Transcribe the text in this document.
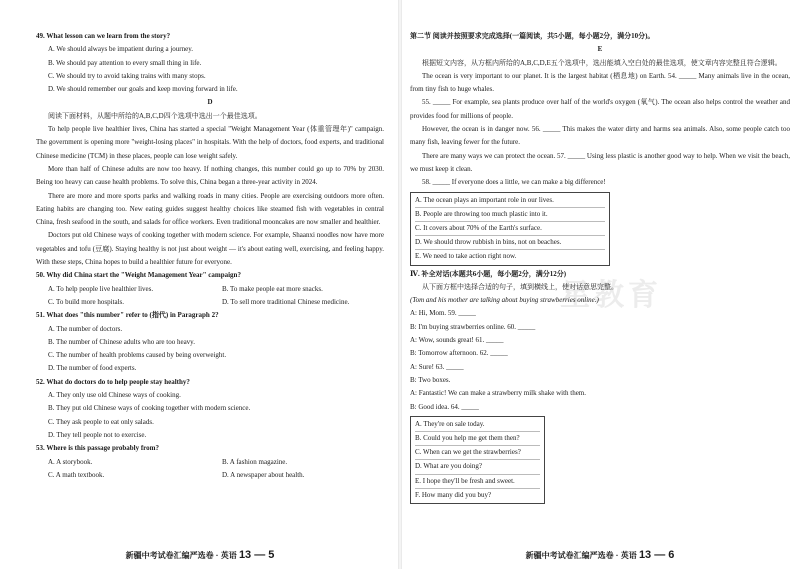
49. What lesson can we learn from the story?
A. We should always be impatient during a journey.
B. We should pay attention to every small thing in life.
C. We should try to avoid taking trains with many stops.
D. We should remember our goals and keep moving forward in life.
D
阅读下面材料，从题中所给的A,B,C,D四个选项中选出一个最佳选项。
To help people live healthier lives, China has started a special "Weight Management Year (体重管理年)" campaign. The government is opening more "weight-losing places" in hospitals. With the help of doctors, food experts, and traditional Chinese medicine (TCM) in these places, people can lose weight safely.
More than half of Chinese adults are now too heavy. If nothing changes, this number could go up to 70% by 2030. Being too heavy can cause health problems. To solve this, China began a three-year activity in 2024.
There are more and more sports parks and walking roads in many cities. People are exercising outdoors more often. Eating habits are changing too. New eating guides suggest healthy choices like steamed fish with vegetables in central China, fresh seafood in the south, and salads for office workers. Even traditional mooncakes are now smaller and healthier.
Doctors put old Chinese ways of cooking together with modern science. For example, Shaanxi noodles now have more vegetables and tofu (豆腐). Staying healthy is not just about weight — it's about eating well, exercising, and feeling happy. With these steps, China hopes to build a healthier future for everyone.
50. Why did China start the "Weight Management Year" campaign?
A. To help people live healthier lives.	B. To make people eat more snacks.
C. To build more hospitals.	D. To sell more traditional Chinese medicine.
51. What does "this number" refer to (指代) in Paragraph 2?
A. The number of doctors.
B. The number of Chinese adults who are too heavy.
C. The number of health problems caused by being overweight.
D. The number of food experts.
52. What do doctors do to help people stay healthy?
A. They only use old Chinese ways of cooking.
B. They put old Chinese ways of cooking together with modern science.
C. They ask people to eat only salads.
D. They tell people not to exercise.
53. Where is this passage probably from?
A. A storybook.	B. A fashion magazine.
C. A math textbook.	D. A newspaper about health.
新疆中考试卷汇编严选卷 · 英语 13 — 5
星教育
第二节 阅读并按照要求完成选择(一篇阅读，共5小题，每小题2分，满分10分)。
E
根据短文内容，从方框内所给的A,B,C,D,E五个选项中，选出能填入空白处的最佳选项，使文章内容完整且符合逻辑。
The ocean is very important to our planet. It is the largest habitat (栖息地) on Earth. 54. _____ Many animals live in the ocean, from tiny fish to huge whales.
55. _____ For example, sea plants produce over half of the world's oxygen (氧气). The ocean also helps control the weather and provides food for millions of people.
However, the ocean is in danger now. 56. _____ This makes the water dirty and harms sea animals. Also, some people catch too many fish, leaving fewer for the future.
There are many ways we can protect the ocean. 57. _____ Using less plastic is another good way to help. When we visit the beach, we must keep it clean.
58. _____ If everyone does a little, we can make a big difference!
A. The ocean plays an important role in our lives.
B. People are throwing too much plastic into it.
C. It covers about 70% of the Earth's surface.
D. We should throw rubbish in bins, not on beaches.
E. We need to take action right now.
Ⅳ. 补全对话(本题共6小题，每小题2分，满分12分)
从下面方框中选择合适的句子，填到横线上，使对话意思完整。
(Tom and his mother are talking about buying strawberries online.)
A: Hi, Mom. 59. _____
B: I'm buying strawberries online. 60. _____
A: Wow, sounds great! 61. _____
B: Tomorrow afternoon. 62. _____
A: Sure! 63. _____
B: Two boxes.
A: Fantastic! We can make a strawberry milk shake with them.
B: Good idea. 64. _____
A. They're on sale today.
B. Could you help me get them then?
C. When can we get the strawberries?
D. What are you doing?
E. I hope they'll be fresh and sweet.
F. How many did you buy?
新疆中考试卷汇编严选卷 · 英语 13 — 6
